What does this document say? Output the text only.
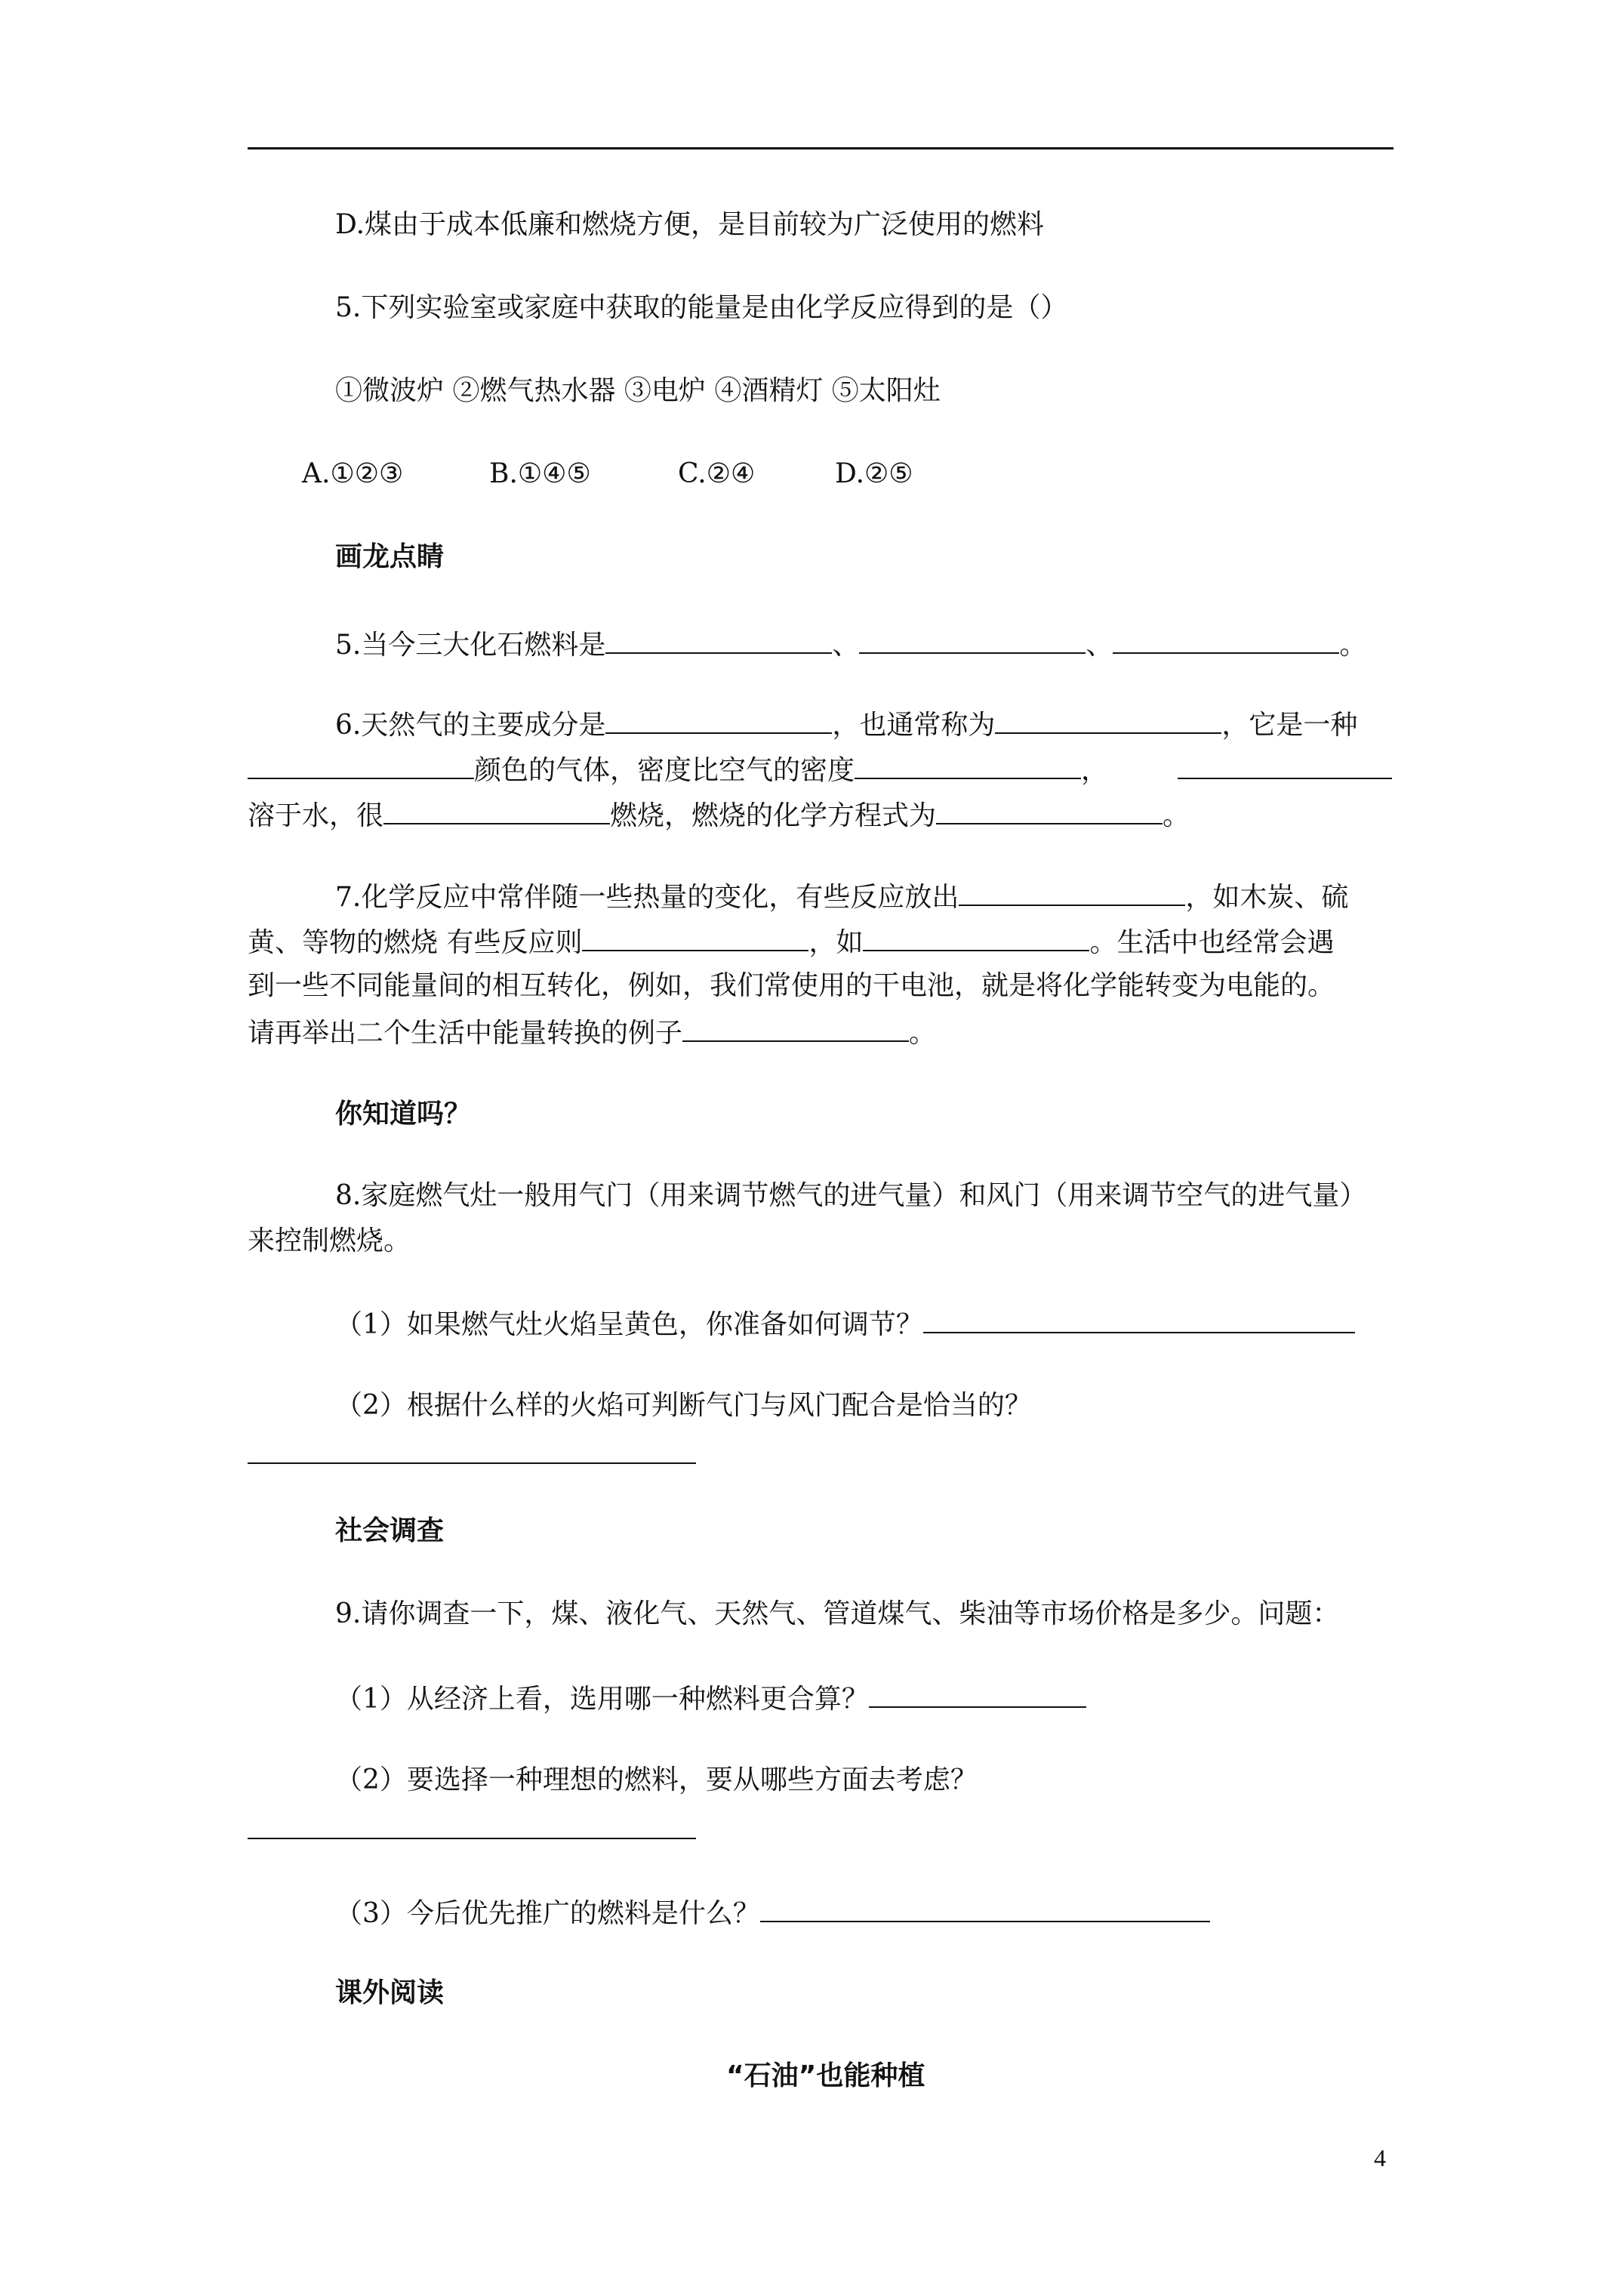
D.煤由于成本低廉和燃烧方便，是目前较为广泛使用的燃料
5.下列实验室或家庭中获取的能量是由化学反应得到的是（）
①微波炉 ②燃气热水器 ③电炉 ④酒精灯 ⑤太阳灶
A.①②③	B.①④⑤	C.②④	D.②⑤
画龙点睛
5.当今三大化石燃料是	、	、	。
6.天然气的主要成分是	，也通常称为	，它是一种
颜色的气体，密度比空气的密度	，
溶于水，很	燃烧，燃烧的化学方程式为	。
7.化学反应中常伴随一些热量的变化，有些反应放出	，如木炭、硫
黄、等物的燃烧 有些反应则	，如	。生活中也经常会遇
到一些不同能量间的相互转化，例如，我们常使用的干电池，就是将化学能转变为电能的。
请再举出二个生活中能量转换的例子	。
你知道吗？
8.家庭燃气灶一般用气门（用来调节燃气的进气量）和风门（用来调节空气的进气量）
来控制燃烧。
（1）如果燃气灶火焰呈黄色，你准备如何调节？
（2）根据什么样的火焰可判断气门与风门配合是恰当的？
社会调查
9.请你调查一下，煤、液化气、天然气、管道煤气、柴油等市场价格是多少。问题：
（1）从经济上看，选用哪一种燃料更合算？
（2）要选择一种理想的燃料，要从哪些方面去考虑？
（3）今后优先推广的燃料是什么？
课外阅读
“石油”也能种植
4
